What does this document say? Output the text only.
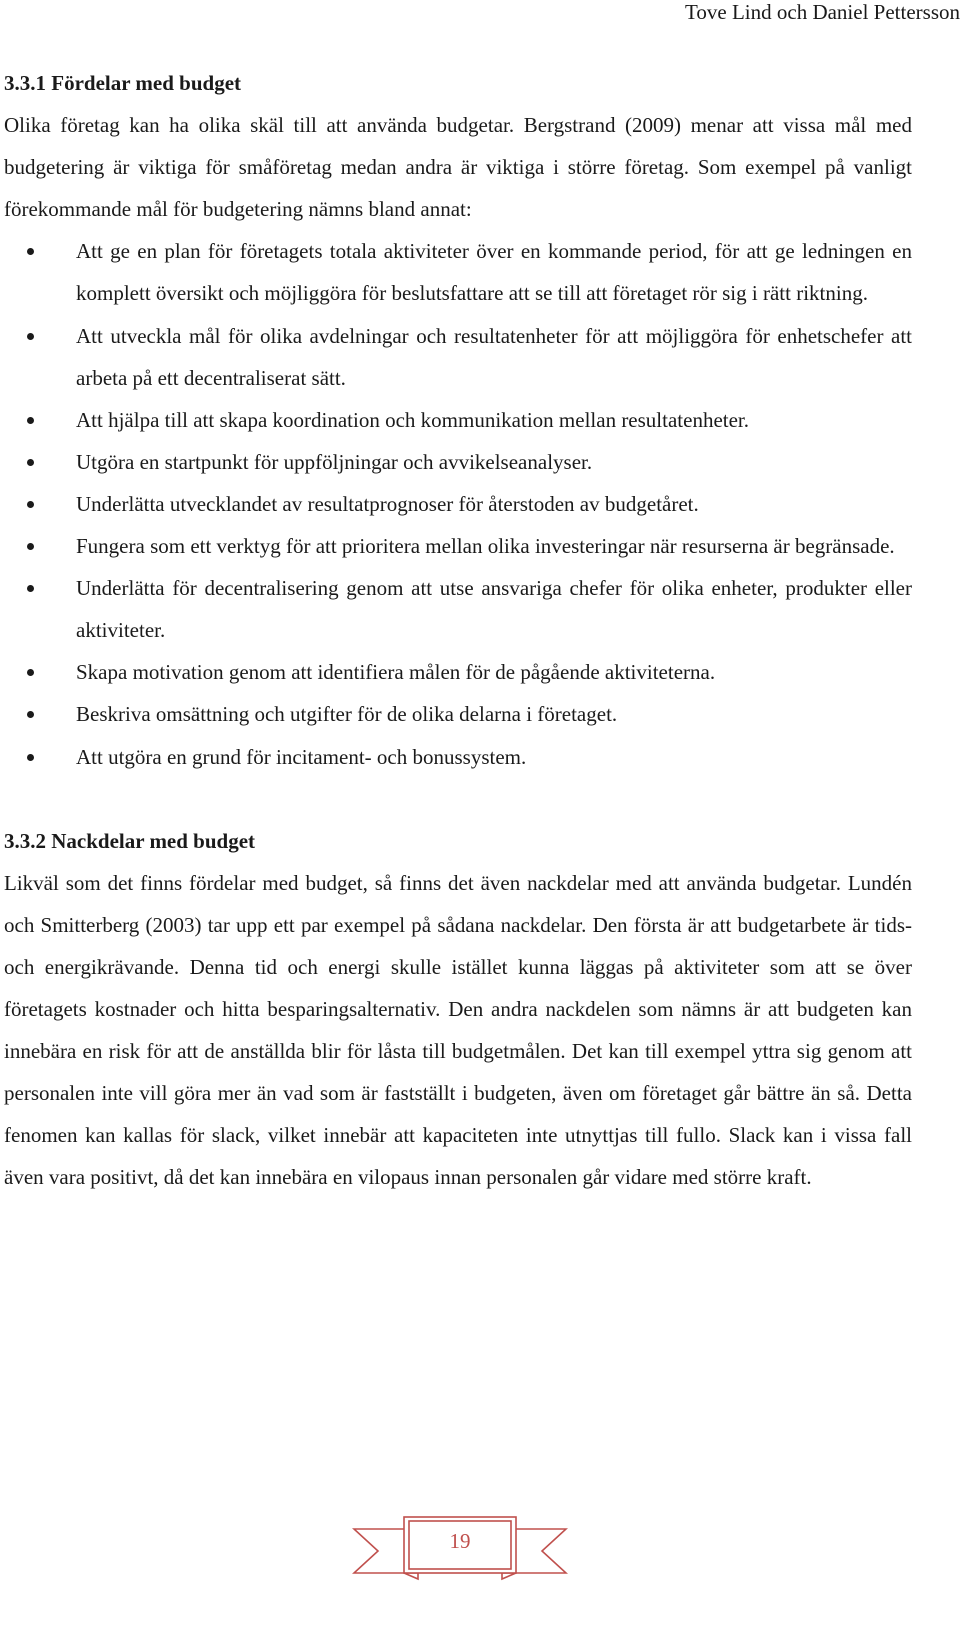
Tove Lind och Daniel Pettersson

3.3.1 Fördelar med budget

Olika företag kan ha olika skäl till att använda budgetar. Bergstrand (2009) menar att vissa mål med budgetering är viktiga för småföretag medan andra är viktiga i större företag. Som exempel på vanligt förekommande mål för budgetering nämns bland annat:

Att ge en plan för företagets totala aktiviteter över en kommande period, för att ge ledningen en komplett översikt och möjliggöra för beslutsfattare att se till att företaget rör sig i rätt riktning.
Att utveckla mål för olika avdelningar och resultatenheter för att möjliggöra för enhetschefer att arbeta på ett decentraliserat sätt.
Att hjälpa till att skapa koordination och kommunikation mellan resultatenheter.
Utgöra en startpunkt för uppföljningar och avvikelseanalyser.
Underlätta utvecklandet av resultatprognoser för återstoden av budgetåret.
Fungera som ett verktyg för att prioritera mellan olika investeringar när resurserna är begränsade.
Underlätta för decentralisering genom att utse ansvariga chefer för olika enheter, produkter eller aktiviteter.
Skapa motivation genom att identifiera målen för de pågående aktiviteterna.
Beskriva omsättning och utgifter för de olika delarna i företaget.
Att utgöra en grund för incitament- och bonussystem.

3.3.2 Nackdelar med budget

Likväl som det finns fördelar med budget, så finns det även nackdelar med att använda budgetar. Lundén och Smitterberg (2003) tar upp ett par exempel på sådana nackdelar. Den första är att budgetarbete är tids- och energikrävande. Denna tid och energi skulle istället kunna läggas på aktiviteter som att se över företagets kostnader och hitta besparingsalternativ. Den andra nackdelen som nämns är att budgeten kan innebära en risk för att de anställda blir för låsta till budgetmålen. Det kan till exempel yttra sig genom att personalen inte vill göra mer än vad som är fastställt i budgeten, även om företaget går bättre än så. Detta fenomen kan kallas för slack, vilket innebär att kapaciteten inte utnyttjas till fullo. Slack kan i vissa fall även vara positivt, då det kan innebära en vilopaus innan personalen går vidare med större kraft.

19
